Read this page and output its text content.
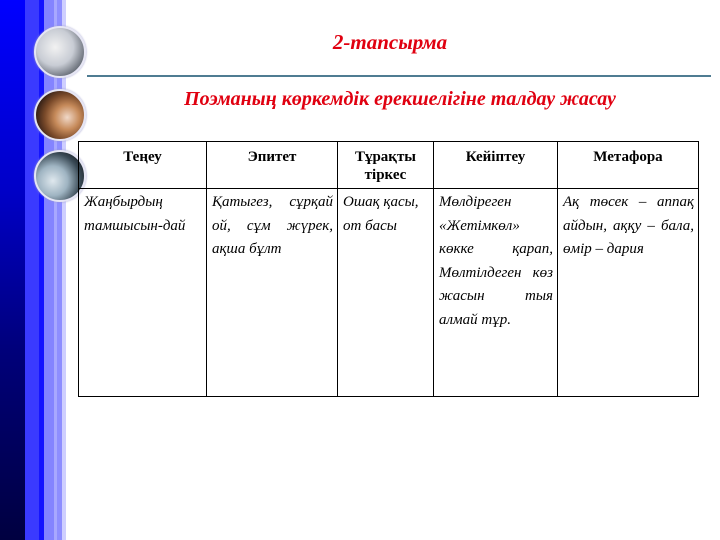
2-тапсырма
Поэманың көркемдік ерекшелігіне талдау жасау
Теңеу	Эпитет	Тұрақты тіркес	Кейіптеу	Метафора
Жаңбырдың тамшысын-дай	Қатыгез, сұрқай ой, сұм жүрек, ақша бұлт	Ошақ қасы, от басы	Мөлдіреген «Жетімкөл» көкке қарап, Мөлтілдеген көз жасын тыя алмай тұр.	Ақ төсек – аппақ айдын, аққу – бала, өмір – дария
